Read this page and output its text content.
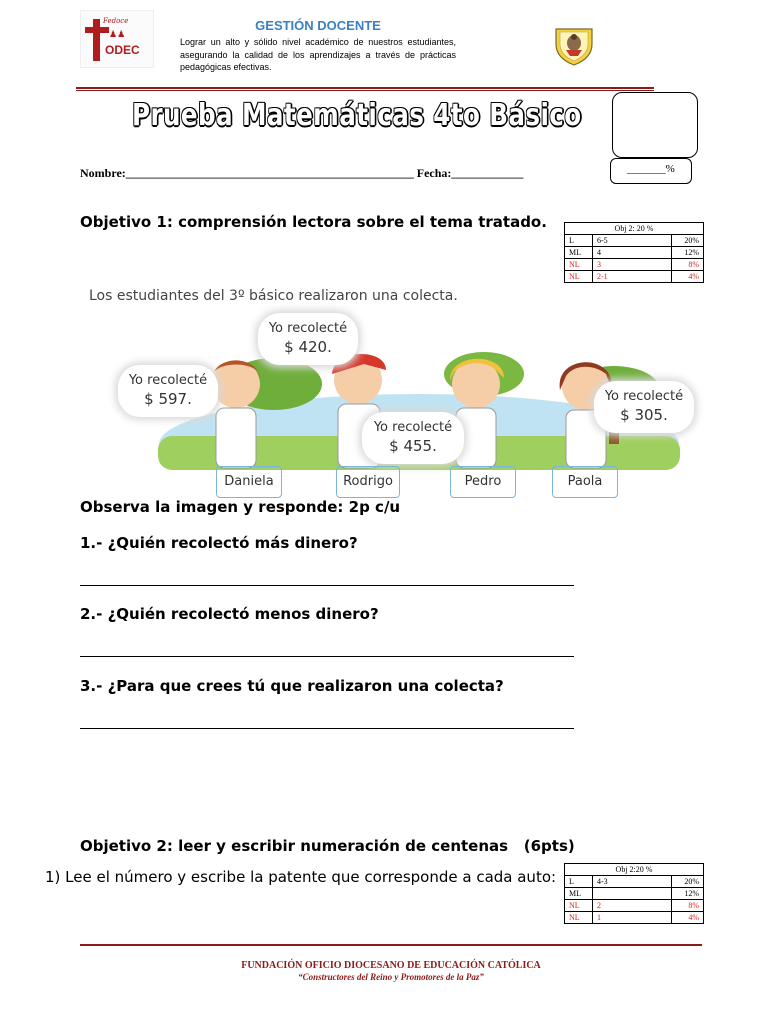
Fedoce
♟♟
ODEC
GESTIÓN DOCENTE
Lograr un alto y sólido nivel académico de nuestros estudiantes, asegurando la calidad de los aprendizajes a través de prácticas pedagógicas efectivas.
Prueba Matemáticas 4to Básico
_______%
Nombre:________________________________________________ Fecha:____________
Objetivo 1: comprensión lectora sobre el tema tratado.	Obj 2: 20 %		
L	6-5	20%
ML	4	12%
NL	3	8%
NL	2-1	4%
Los estudiantes del 3º básico realizaron una colecta.
Yo recolecté
$ 597.
Yo recolecté
$ 420.
Yo recolecté
$ 455.
Yo recolecté
$ 305.
Daniela	Rodrigo	Pedro	Paola
Observa la imagen y responde: 2p c/u
1.- ¿Quién recolectó más dinero?
2.- ¿Quién recolectó menos dinero?
3.- ¿Para que crees tú que realizaron una colecta?
Objetivo 2: leer y escribir numeración de centenas   (6pts)
1) Lee el número y escribe la patente que corresponde a cada auto:	Obj 2:20 %		
L	4-3	20%
ML		12%
NL	2	8%
NL	1	4%
FUNDACIÓN OFICIO DIOCESANO DE EDUCACIÓN CATÓLICA
“Constructores del Reino y Promotores de la Paz”
